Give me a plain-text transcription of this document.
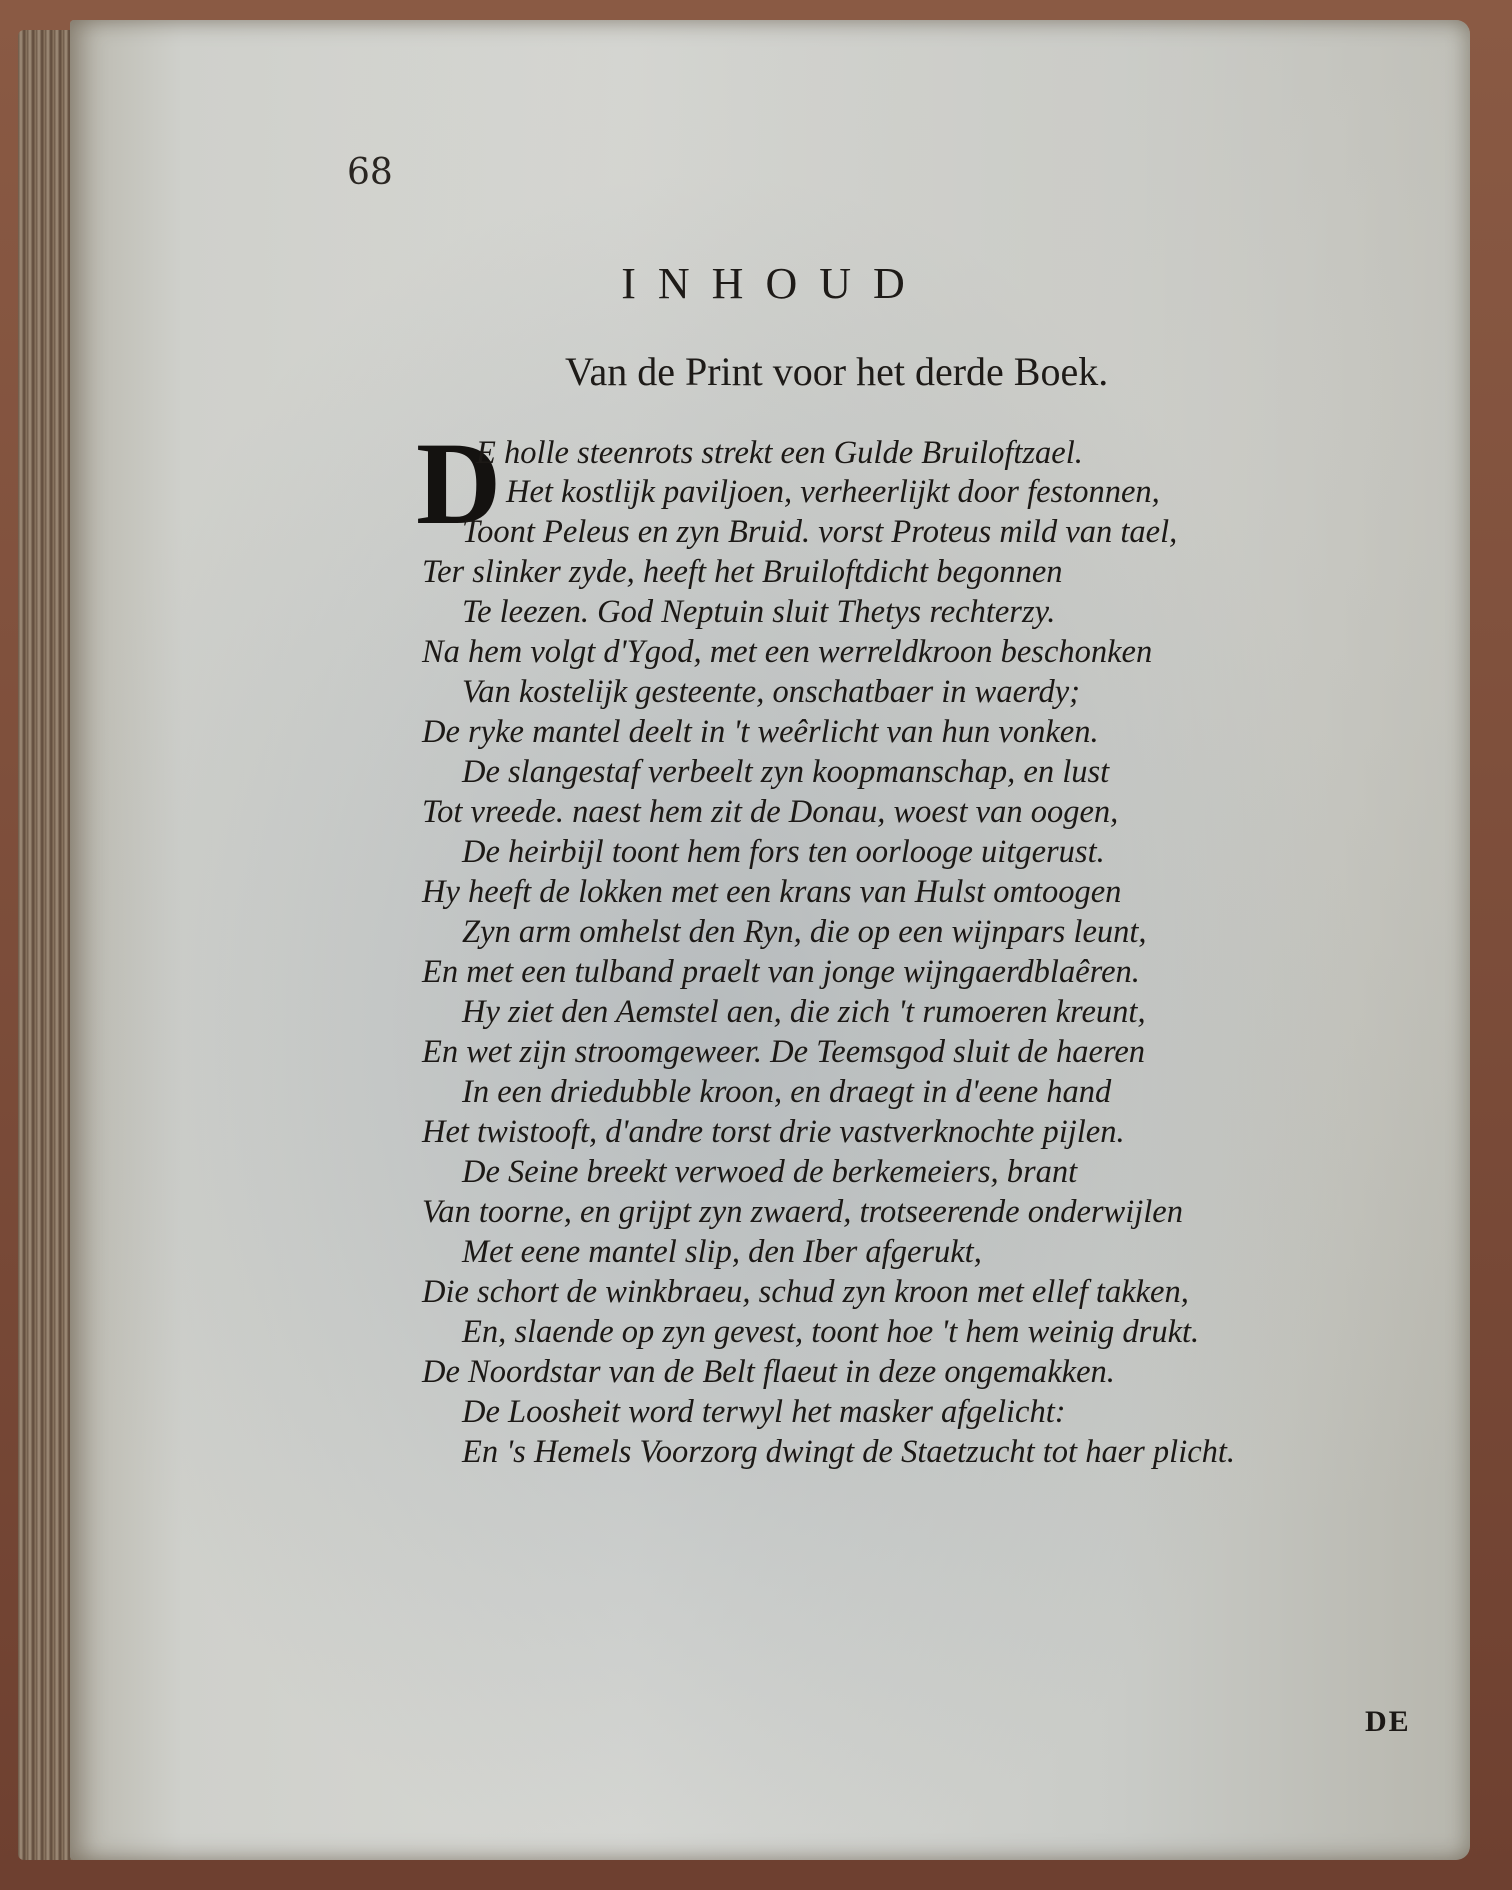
68
INHOUD
Van de Print voor het derde Boek.
D
E holle steenrots strekt een Gulde Bruiloftzael.
Het kostlijk paviljoen, verheerlijkt door festonnen,
Toont Peleus en zyn Bruid. vorst Proteus mild van tael,
Ter slinker zyde, heeft het Bruiloftdicht begonnen
Te leezen. God Neptuin sluit Thetys rechterzy.
Na hem volgt d'Ygod, met een werreldkroon beschonken
Van kostelijk gesteente, onschatbaer in waerdy;
De ryke mantel deelt in 't weêrlicht van hun vonken.
De slangestaf verbeelt zyn koopmanschap, en lust
Tot vreede. naest hem zit de Donau, woest van oogen,
De heirbijl toont hem fors ten oorlooge uitgerust.
Hy heeft de lokken met een krans van Hulst omtoogen
Zyn arm omhelst den Ryn, die op een wijnpars leunt,
En met een tulband praelt van jonge wijngaerdblaêren.
Hy ziet den Aemstel aen, die zich 't rumoeren kreunt,
En wet zijn stroomgeweer. De Teemsgod sluit de haeren
In een driedubble kroon, en draegt in d'eene hand
Het twistooft, d'andre torst drie vastverknochte pijlen.
De Seine breekt verwoed de berkemeiers, brant
Van toorne, en grijpt zyn zwaerd, trotseerende onderwijlen
Met eene mantel slip, den Iber afgerukt,
Die schort de winkbraeu, schud zyn kroon met ellef takken,
En, slaende op zyn gevest, toont hoe 't hem weinig drukt.
De Noordstar van de Belt flaeut in deze ongemakken.
De Loosheit word terwyl het masker afgelicht:
En 's Hemels Voorzorg dwingt de Staetzucht tot haer plicht.
DE
